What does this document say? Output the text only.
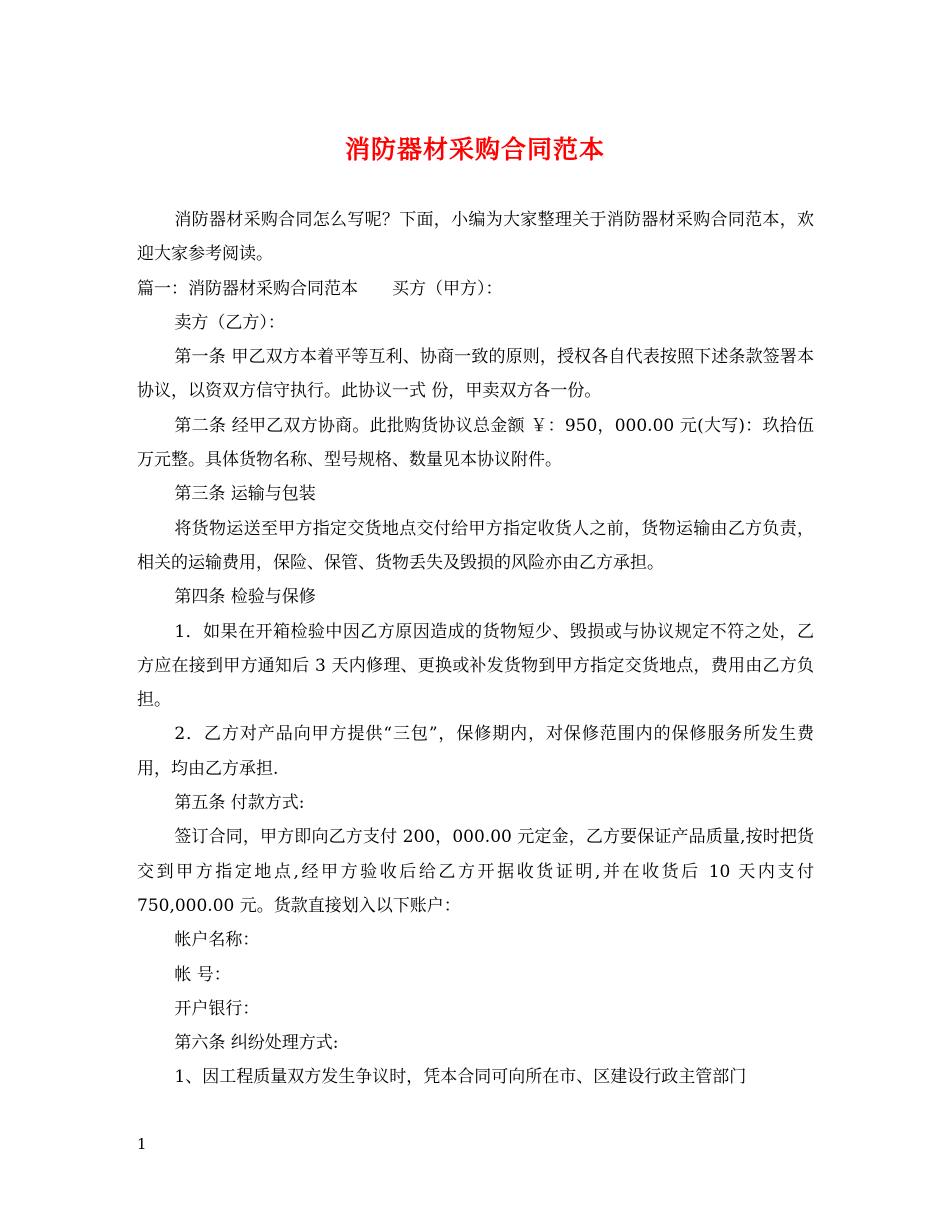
消防器材采购合同范本

消防器材采购合同怎么写呢？下面，小编为大家整理关于消防器材采购合同范本，欢迎大家参考阅读。

篇一：消防器材采购合同范本　　买方（甲方）：

卖方（乙方）：

第一条 甲乙双方本着平等互利、协商一致的原则，授权各自代表按照下述条款签署本协议，以资双方信守执行。此协议一式 份，甲卖双方各一份。

第二条 经甲乙双方协商。此批购货协议总金额 ￥：950，000.00 元(大写)：玖拾伍万元整。具体货物名称、型号规格、数量见本协议附件。

第三条 运输与包装

将货物运送至甲方指定交货地点交付给甲方指定收货人之前，货物运输由乙方负责，相关的运输费用，保险、保管、货物丢失及毁损的风险亦由乙方承担。

第四条 检验与保修

1．如果在开箱检验中因乙方原因造成的货物短少、毁损或与协议规定不符之处，乙方应在接到甲方通知后 3 天内修理、更换或补发货物到甲方指定交货地点，费用由乙方负担。

2．乙方对产品向甲方提供“三包”，保修期内，对保修范围内的保修服务所发生费用，均由乙方承担.

第五条 付款方式:

签订合同，甲方即向乙方支付 200，000.00 元定金，乙方要保证产品质量,按时把货交到甲方指定地点,经甲方验收后给乙方开据收货证明,并在收货后 10 天内支付 750,000.00 元。货款直接划入以下账户：

帐户名称：

帐 号：

开户银行：

第六条 纠纷处理方式:

1、因工程质量双方发生争议时，凭本合同可向所在市、区建设行政主管部门

1
